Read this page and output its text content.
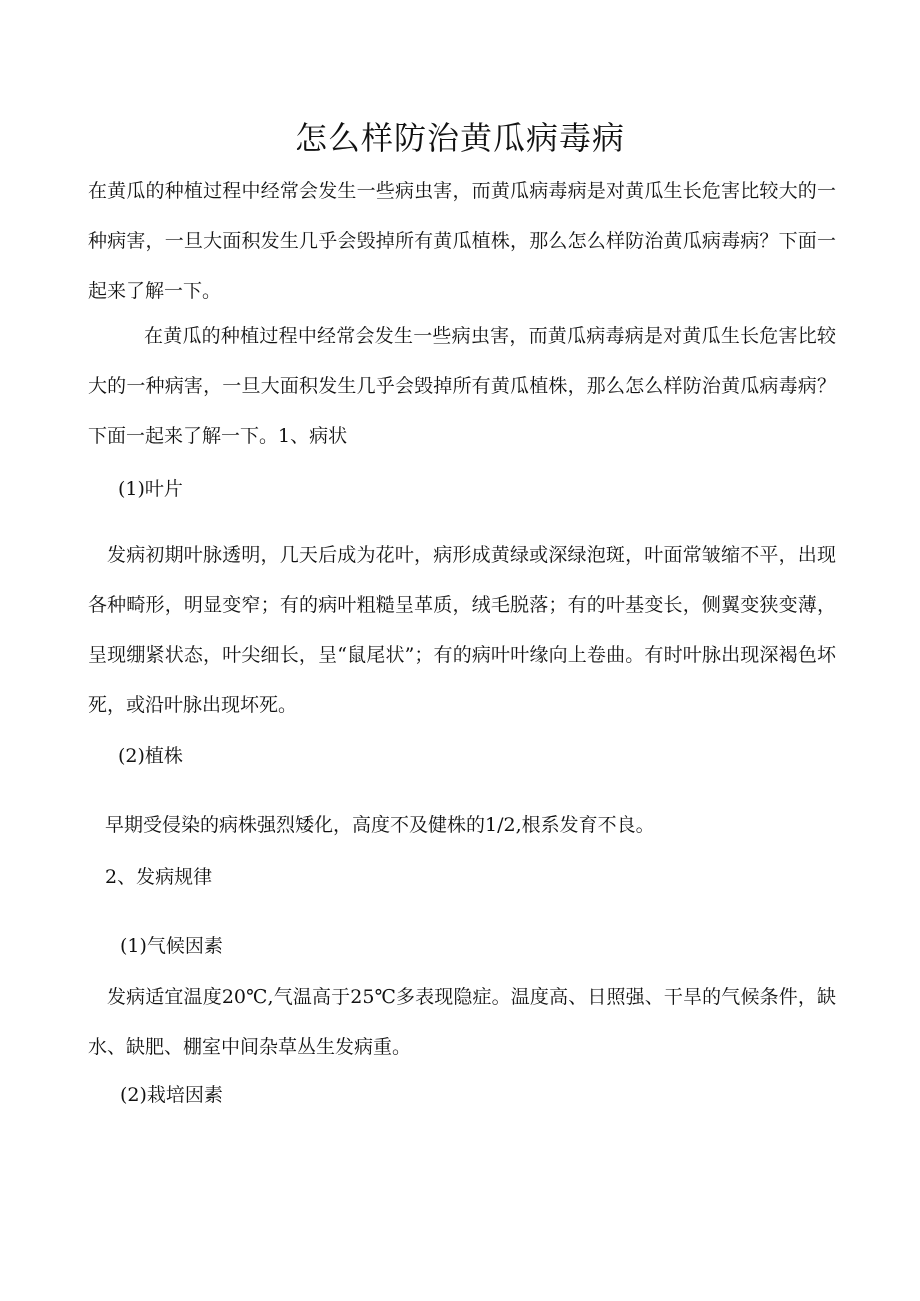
怎么样防治黄瓜病毒病

在黄瓜的种植过程中经常会发生一些病虫害，而黄瓜病毒病是对黄瓜生长危害比较大的一种病害，一旦大面积发生几乎会毁掉所有黄瓜植株，那么怎么样防治黄瓜病毒病？下面一起来了解一下。

在黄瓜的种植过程中经常会发生一些病虫害，而黄瓜病毒病是对黄瓜生长危害比较大的一种病害，一旦大面积发生几乎会毁掉所有黄瓜植株，那么怎么样防治黄瓜病毒病？下面一起来了解一下。1、病状

(1)叶片

发病初期叶脉透明，几天后成为花叶，病形成黄绿或深绿泡斑，叶面常皱缩不平，出现各种畸形，明显变窄；有的病叶粗糙呈革质，绒毛脱落；有的叶基变长，侧翼变狭变薄，呈现绷紧状态，叶尖细长，呈“鼠尾状”；有的病叶叶缘向上卷曲。有时叶脉出现深褐色坏死，或沿叶脉出现坏死。

(2)植株

早期受侵染的病株强烈矮化，高度不及健株的1/2,根系发育不良。

2、发病规律

(1)气候因素

发病适宜温度20℃,气温高于25℃多表现隐症。温度高、日照强、干旱的气候条件，缺水、缺肥、棚室中间杂草丛生发病重。

(2)栽培因素
